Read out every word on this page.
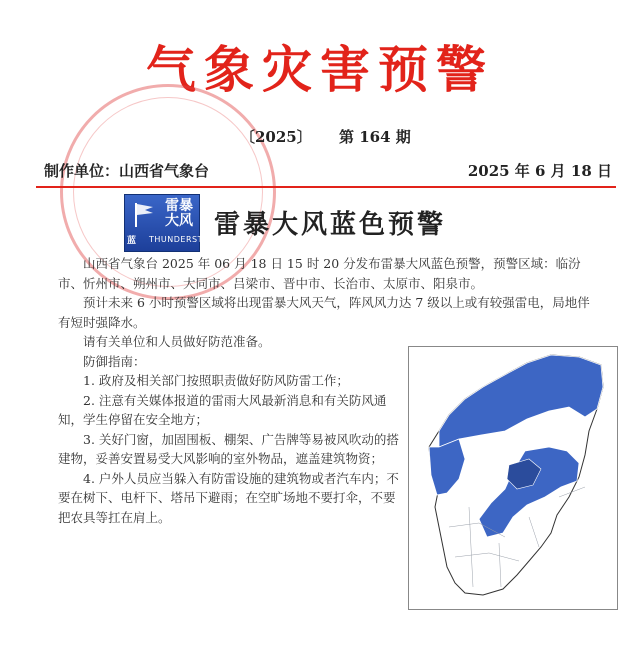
气象灾害预警
〔2025〕 第 164 期
制作单位：山西省气象台	2025 年 6 月 18 日
雷暴大风
蓝 THUNDERSTORM
雷暴大风蓝色预警

山西省气象台 2025 年 06 月 18 日 15 时 20 分发布雷暴大风蓝色预警，预警区域：临汾市、忻州市、朔州市、大同市、吕梁市、晋中市、长治市、太原市、阳泉市。

预计未来 6 小时预警区域将出现雷暴大风天气，阵风风力达 7 级以上或有较强雷电，局地伴有短时强降水。

请有关单位和人员做好防范准备。

防御指南：

1. 政府及相关部门按照职责做好防风防雷工作；

2. 注意有关媒体报道的雷雨大风最新消息和有关防风通知，学生停留在安全地方；

3. 关好门窗，加固围板、棚架、广告牌等易被风吹动的搭建物，妥善安置易受大风影响的室外物品，遮盖建筑物资；

4. 户外人员应当躲入有防雷设施的建筑物或者汽车内；不要在树下、电杆下、塔吊下避雨；在空旷场地不要打伞，不要把农具等扛在肩上。
